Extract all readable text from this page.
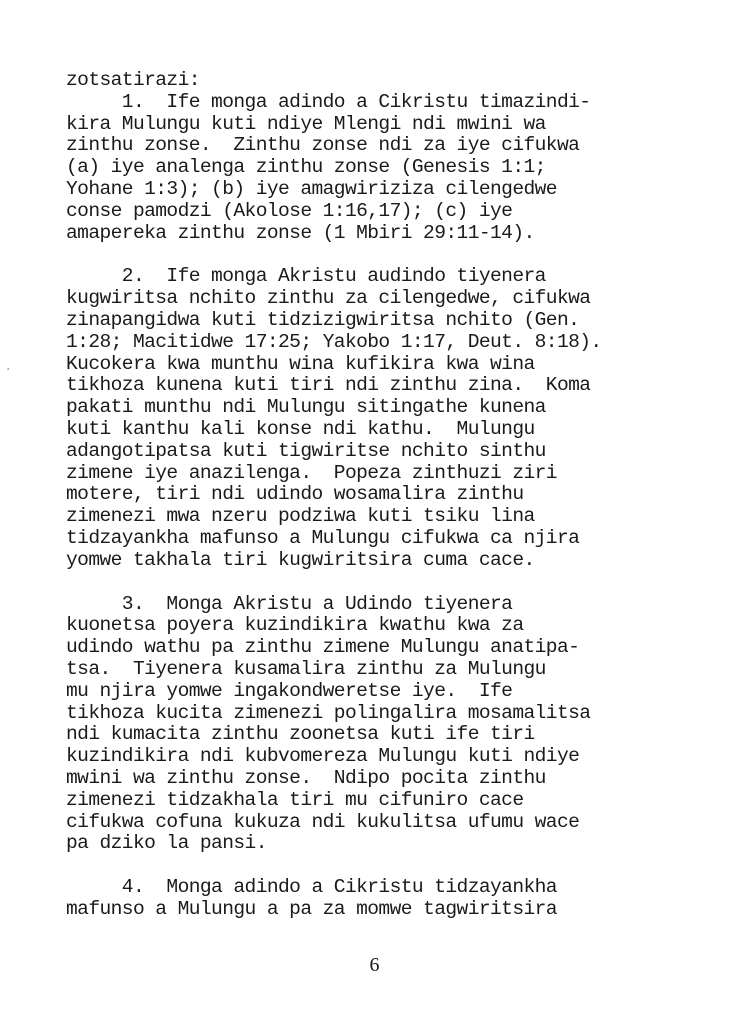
zotsatirazi:
1.  Ife monga adindo a Cikristu timazindi-
kira Mulungu kuti ndiye Mlengi ndi mwini wa
zinthu zonse.  Zinthu zonse ndi za iye cifukwa
(a) iye analenga zinthu zonse (Genesis 1:1;
Yohane 1:3); (b) iye amagwiriziza cilengedwe
conse pamodzi (Akolose 1:16,17); (c) iye
amapereka zinthu zonse (1 Mbiri 29:11-14).
2.  Ife monga Akristu audindo tiyenera
kugwiritsa nchito zinthu za cilengedwe, cifukwa
zinapangidwa kuti tidzizigwiritsa nchito (Gen.
1:28; Macitidwe 17:25; Yakobo 1:17, Deut. 8:18).
Kucokera kwa munthu wina kufikira kwa wina
tikhoza kunena kuti tiri ndi zinthu zina.  Koma
pakati munthu ndi Mulungu sitingathe kunena
kuti kanthu kali konse ndi kathu.  Mulungu
adangotipatsa kuti tigwiritse nchito sinthu
zimene iye anazilenga.  Popeza zinthuzi ziri
motere, tiri ndi udindo wosamalira zinthu
zimenezi mwa nzeru podziwa kuti tsiku lina
tidzayankha mafunso a Mulungu cifukwa ca njira
yomwe takhala tiri kugwiritsira cuma cace.
3.  Monga Akristu a Udindo tiyenera
kuonetsa poyera kuzindikira kwathu kwa za
udindo wathu pa zinthu zimene Mulungu anatipa-
tsa.  Tiyenera kusamalira zinthu za Mulungu
mu njira yomwe ingakondweretse iye.  Ife
tikhoza kucita zimenezi polingalira mosamalitsa
ndi kumacita zinthu zoonetsa kuti ife tiri
kuzindikira ndi kubvomereza Mulungu kuti ndiye
mwini wa zinthu zonse.  Ndipo pocita zinthu
zimenezi tidzakhala tiri mu cifuniro cace
cifukwa cofuna kukuza ndi kukulitsa ufumu wace
pa dziko la pansi.
4.  Monga adindo a Cikristu tidzayankha
mafunso a Mulungu a pa za momwe tagwiritsira
·
6
